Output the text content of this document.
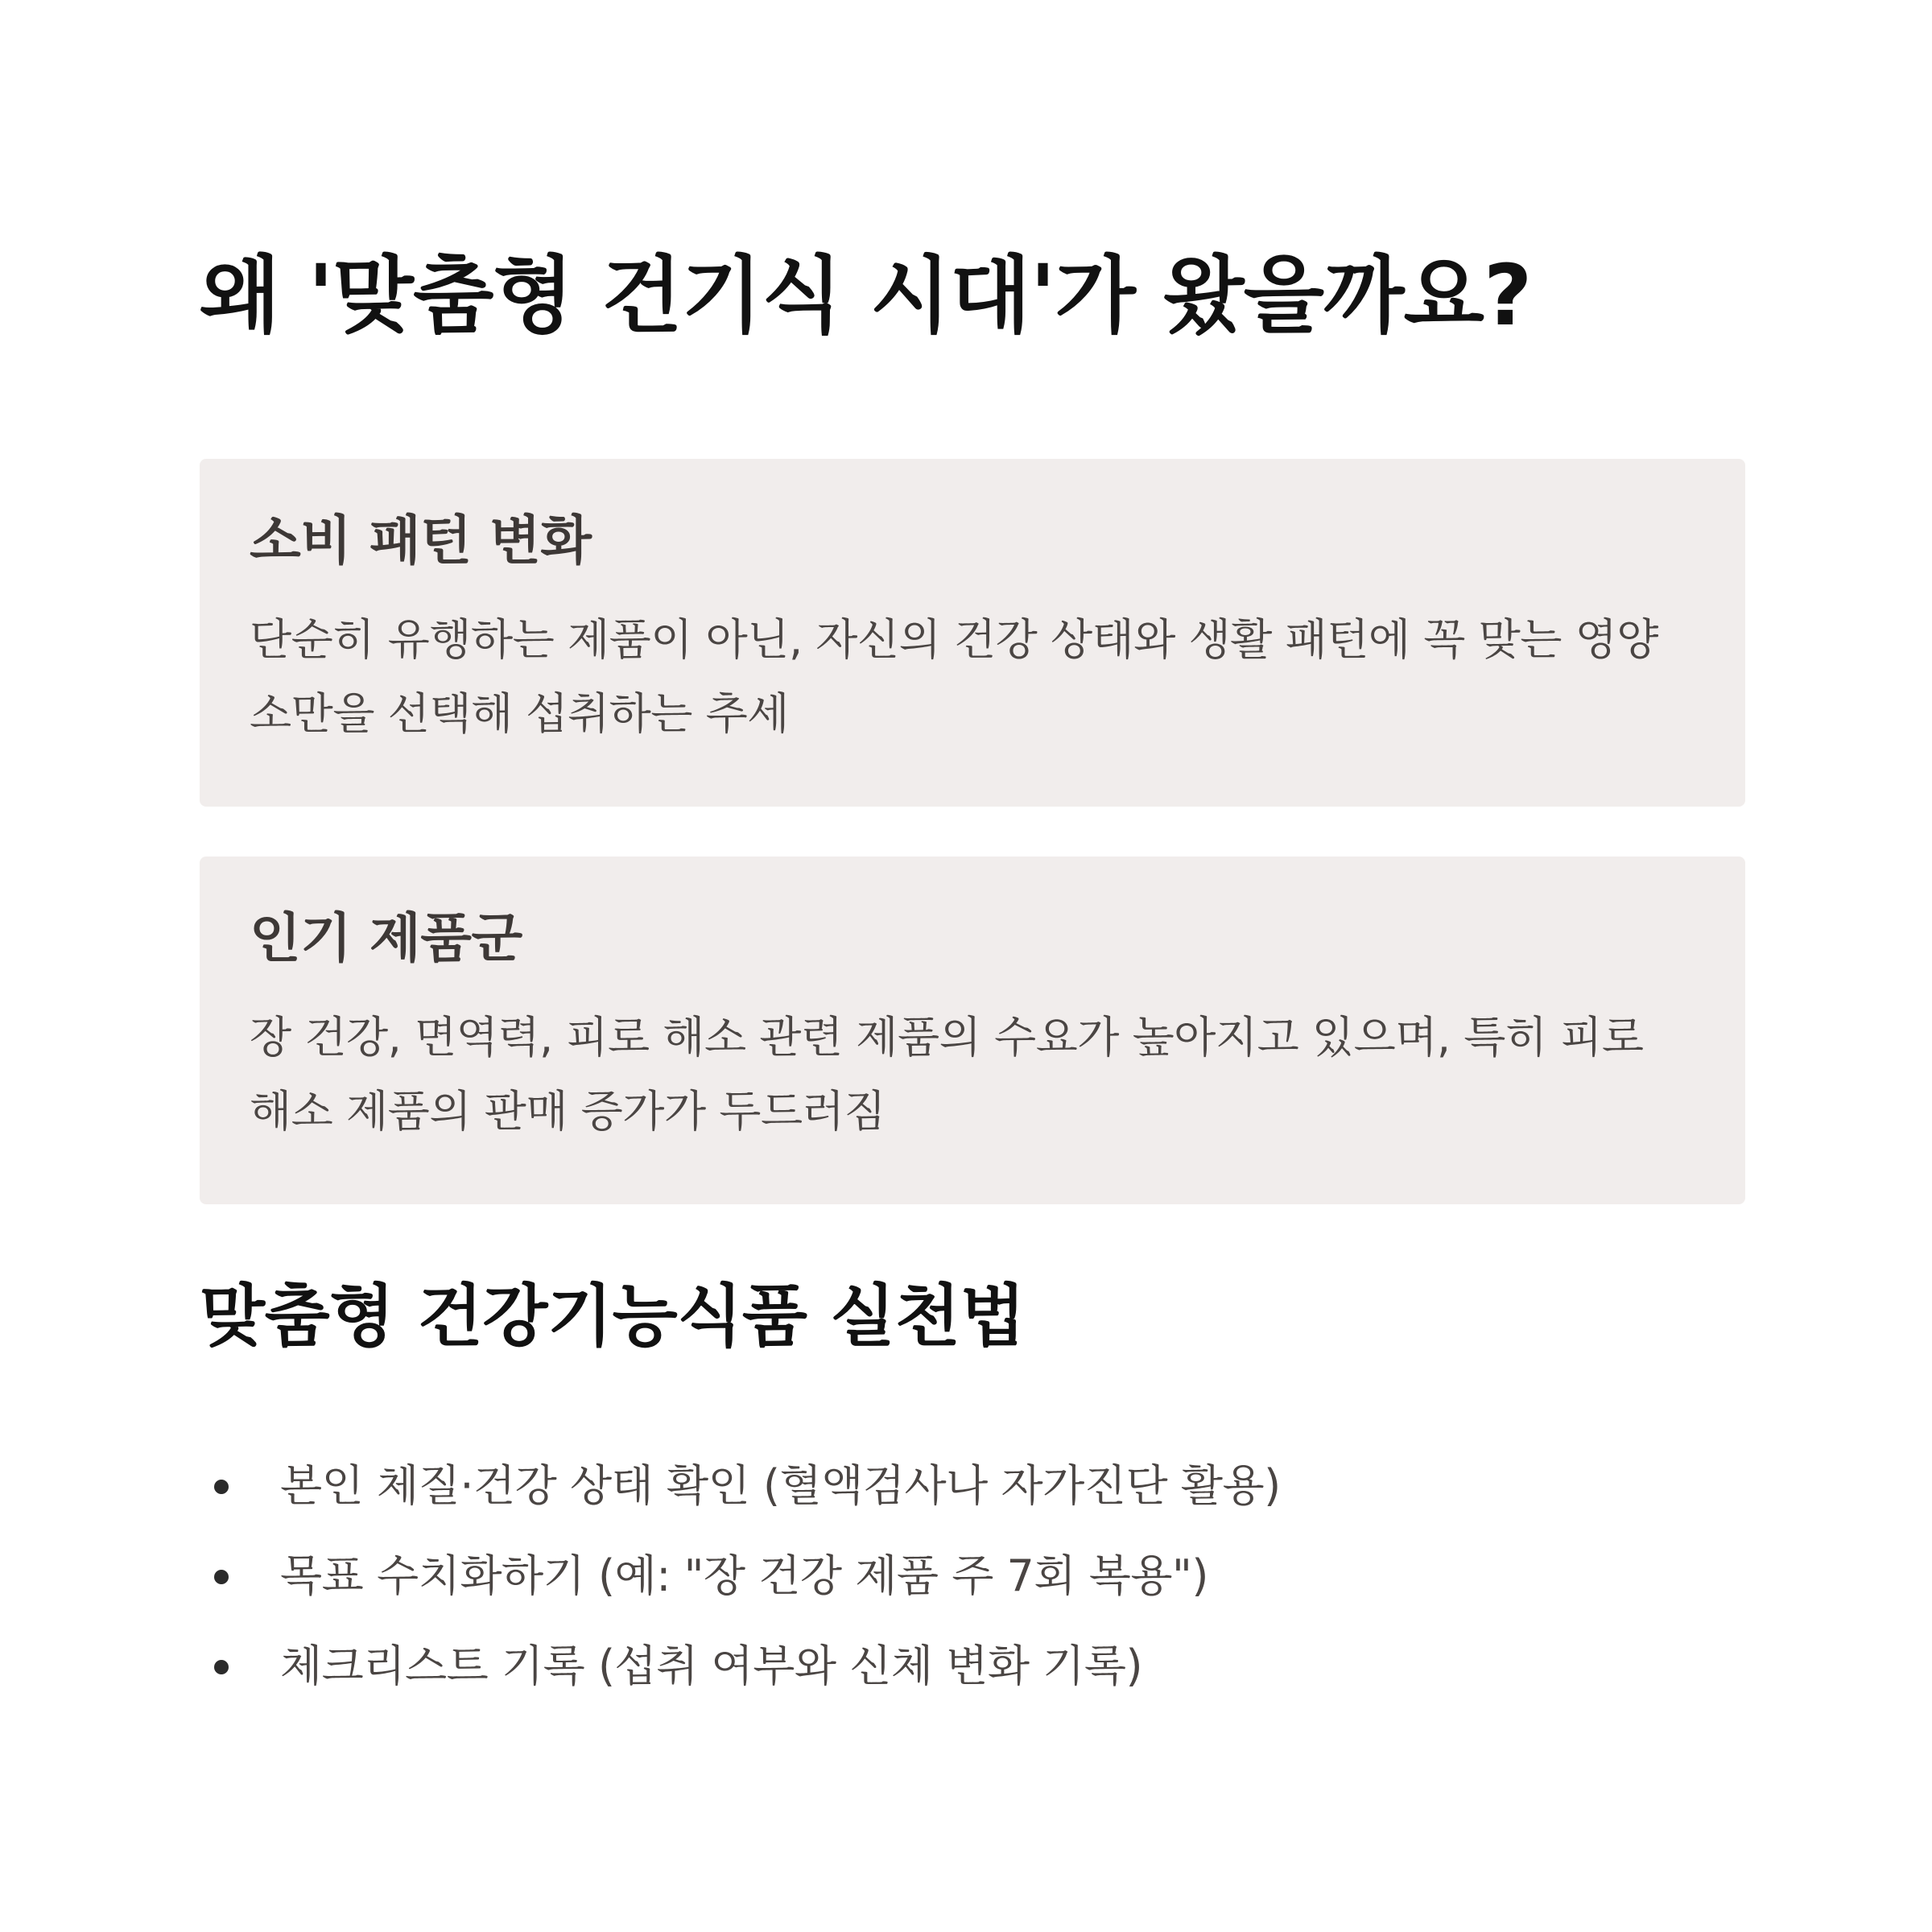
왜 '맞춤형 건기식 시대'가 왔을까요?
소비 패턴 변화

단순히 유행하는 제품이 아닌, 자신의 건강 상태와 생활 패턴에 꼭 맞는 영양소만을 선택해 섭취하는 추세

인기 제품군

장 건강, 면역력, 피로 해소 관련 제품의 수요가 높아지고 있으며, 특히 피로 해소 제품의 판매 증가가 두드러짐

맞춤형 건강기능식품 실천법
본인 체질·건강 상태 확인 (혈액검사나 자가진단 활용)
목표 수치화하기 (예: "장 건강 제품 주 7회 복용")
체크리스트 기록 (섭취 여부와 신체 변화 기록)
